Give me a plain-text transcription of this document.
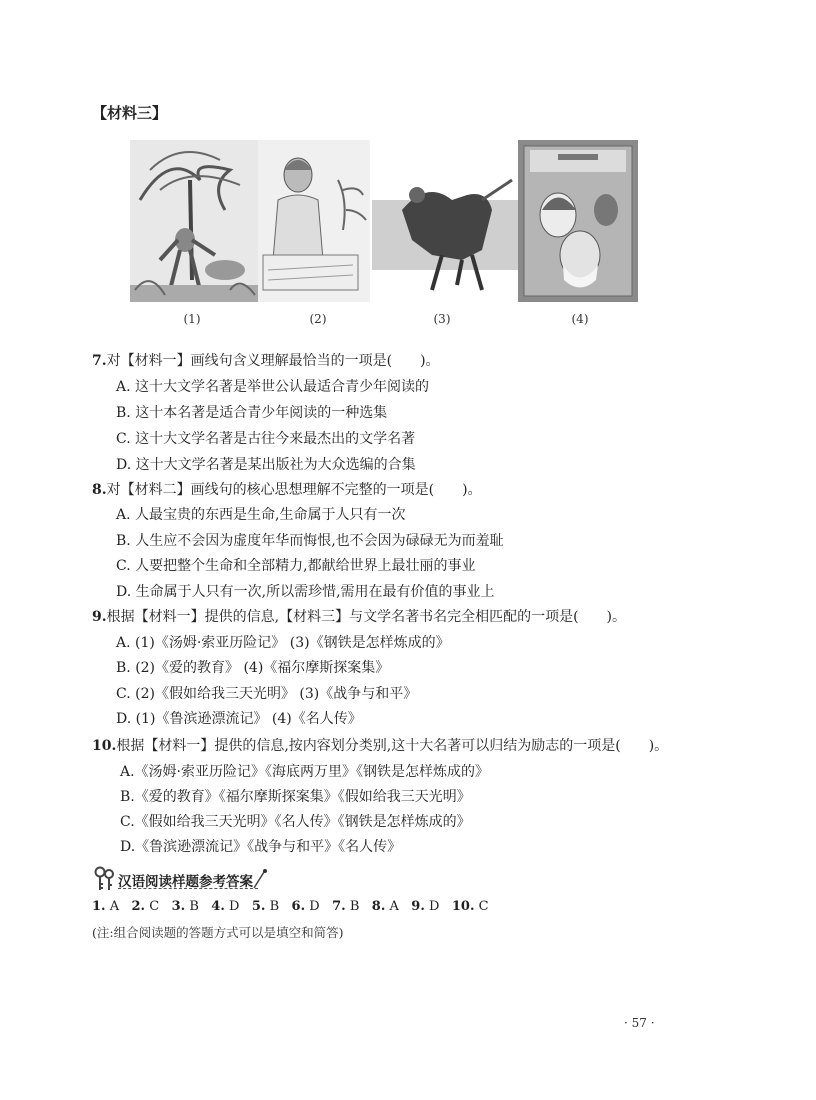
【材料三】
(1)	(2)	(3)	(4)
7.对【材料一】画线句含义理解最恰当的一项是(　　)。
A. 这十大文学名著是举世公认最适合青少年阅读的
B. 这十本名著是适合青少年阅读的一种选集
C. 这十大文学名著是古往今来最杰出的文学名著
D. 这十大文学名著是某出版社为大众选编的合集
8.对【材料二】画线句的核心思想理解不完整的一项是(　　)。
A. 人最宝贵的东西是生命,生命属于人只有一次
B. 人生应不会因为虚度年华而悔恨,也不会因为碌碌无为而羞耻
C. 人要把整个生命和全部精力,都献给世界上最壮丽的事业
D. 生命属于人只有一次,所以需珍惜,需用在最有价值的事业上
9.根据【材料一】提供的信息,【材料三】与文学名著书名完全相匹配的一项是(　　)。
A. (1)《汤姆·索亚历险记》 (3)《钢铁是怎样炼成的》
B. (2)《爱的教育》 (4)《福尔摩斯探案集》
C. (2)《假如给我三天光明》 (3)《战争与和平》
D. (1)《鲁滨逊漂流记》 (4)《名人传》
10.根据【材料一】提供的信息,按内容划分类别,这十大名著可以归结为励志的一项是(　　)。
A.《汤姆·索亚历险记》《海底两万里》《钢铁是怎样炼成的》
B.《爱的教育》《福尔摩斯探案集》《假如给我三天光明》
C.《假如给我三天光明》《名人传》《钢铁是怎样炼成的》
D.《鲁滨逊漂流记》《战争与和平》《名人传》
汉语阅读样题参考答案
1. A 2. C 3. B 4. D 5. B 6. D 7. B 8. A 9. D 10. C
(注:组合阅读题的答题方式可以是填空和简答)
· 57 ·
